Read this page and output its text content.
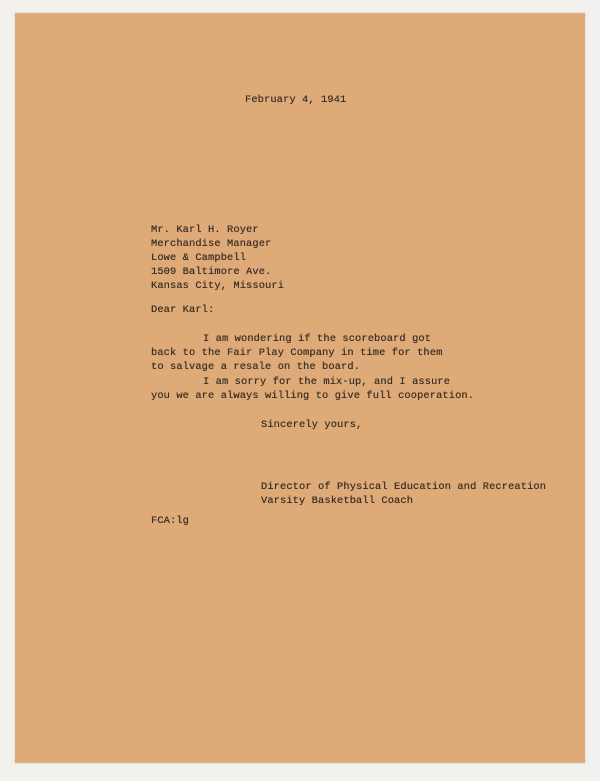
February 4, 1941
Mr. Karl H. Royer
Merchandise Manager
Lowe & Campbell
1509 Baltimore Ave.
Kansas City, Missouri
Dear Karl:
I am wondering if the scoreboard got
back to the Fair Play Company in time for them
to salvage a resale on the board.
I am sorry for the mix-up, and I assure
you we are always willing to give full cooperation.
Sincerely yours,
Director of Physical Education and Recreation
Varsity Basketball Coach
FCA:lg
